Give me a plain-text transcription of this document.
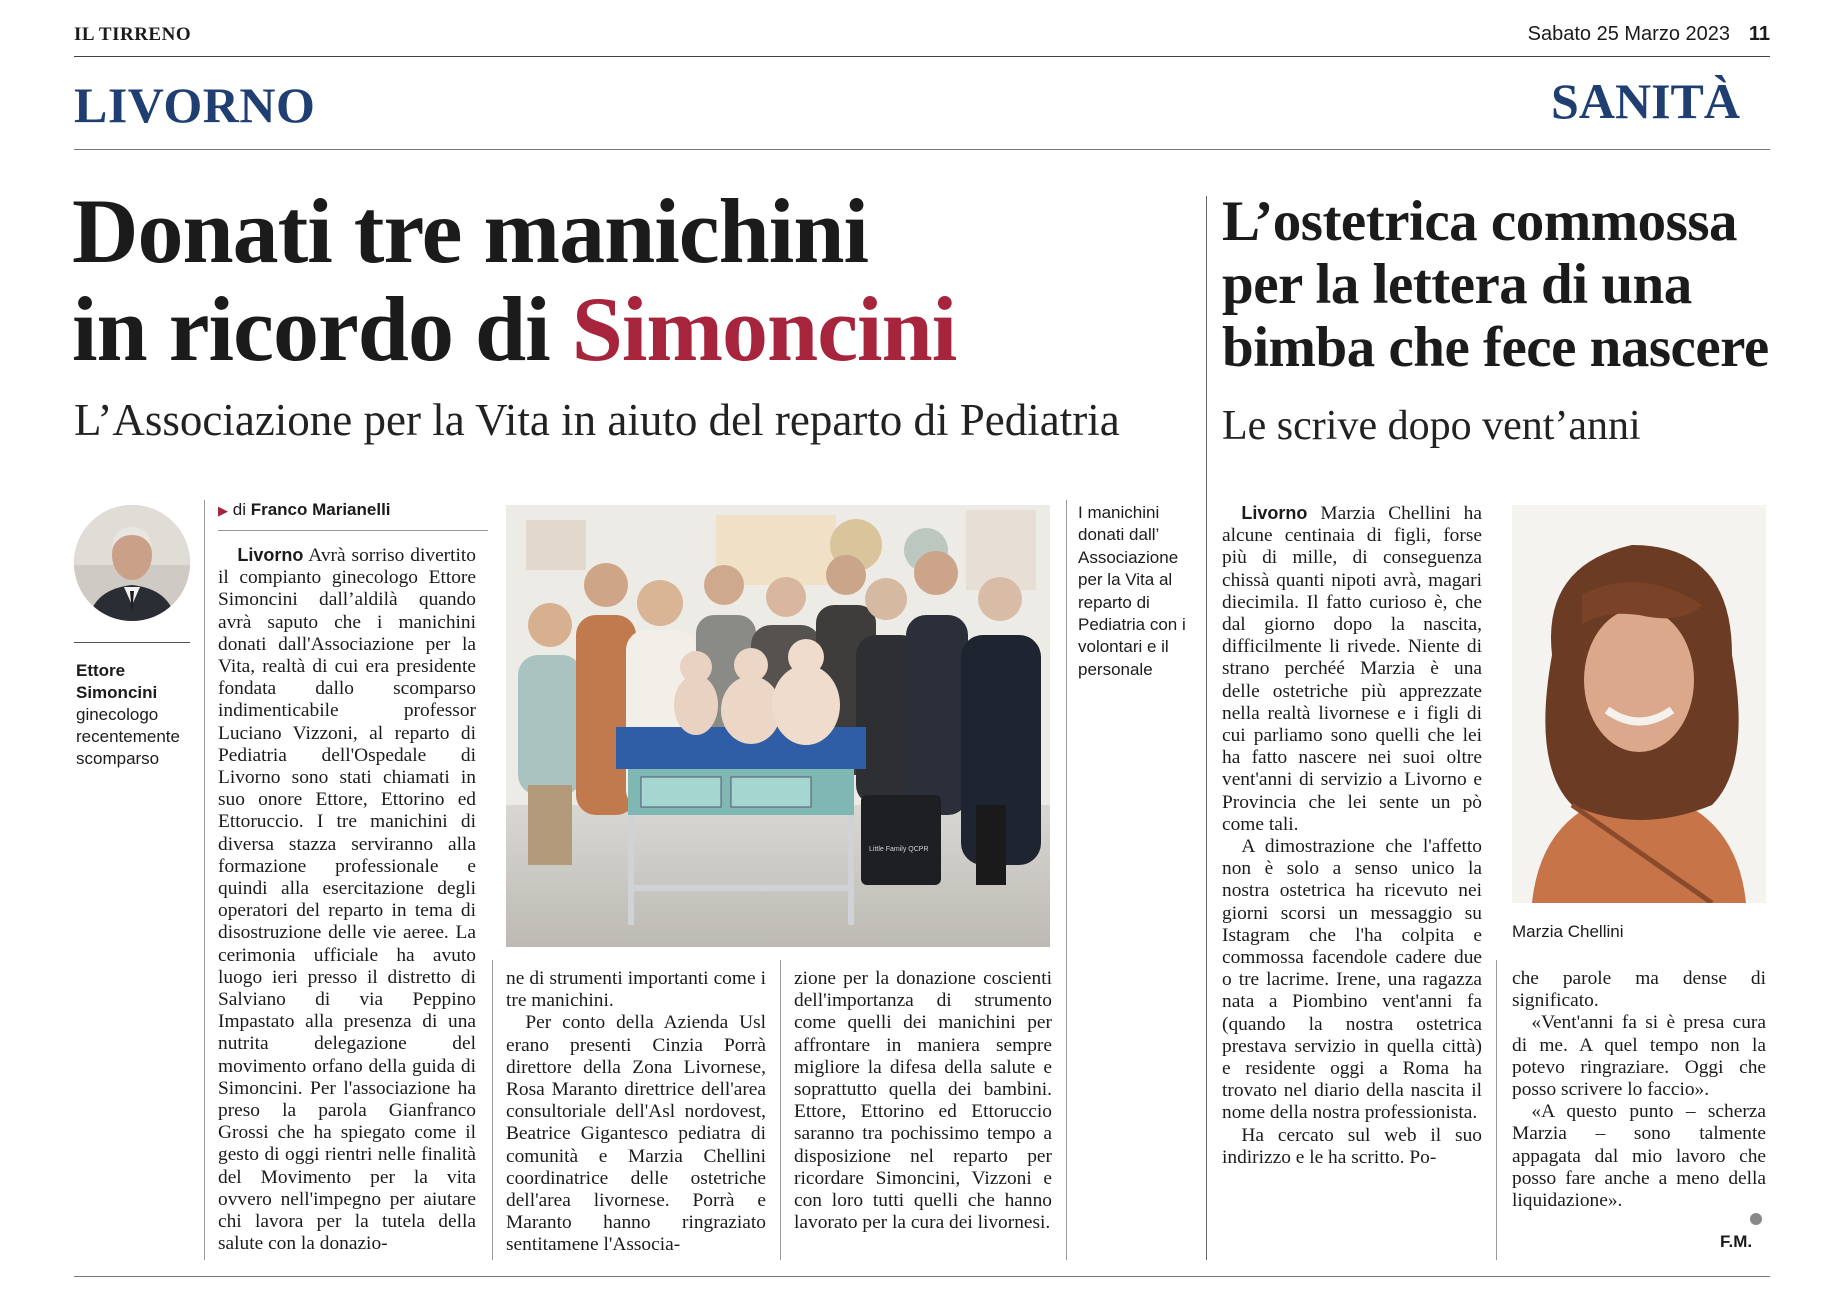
IL TIRRENO	Sabato 25 Marzo 2023 11
LIVORNO	SANITÀ
Donati tre manichini
in ricordo di Simoncini
L’Associazione per la Vita in aiuto del reparto di Pediatria
L’ostetrica commossa per la lettera di una bimba che fece nascere
Le scrive dopo vent’anni
Ettore Simoncini
ginecologo recentemente scomparso
▶ di Franco Marianelli

Livorno Avrà sorriso divertito il compianto ginecologo Ettore Simoncini dall’aldilà quando avrà saputo che i manichini donati dall'Associazione per la Vita, realtà di cui era presidente fondata dallo scomparso indimenticabile professor Luciano Vizzoni, al reparto di Pediatria dell'Ospedale di Livorno sono stati chiamati in suo onore Ettore, Ettorino ed Ettoruccio. I tre manichini di diversa stazza serviranno alla formazione professionale e quindi alla esercitazione degli operatori del reparto in tema di disostruzione delle vie aeree. La cerimonia ufficiale ha avuto luogo ieri presso il distretto di Salviano di via Peppino Impastato alla presenza di una nutrita delegazione del movimento orfano della guida di Simoncini. Per l'associazione ha preso la parola Gianfranco Grossi che ha spiegato come il gesto di oggi rientri nelle finalità del Movimento per la vita ovvero nell'impegno per aiutare chi lavora per la tutela della salute con la donazio-

Little Family QCPR
I manichini donati dall’ Associazione per la Vita al reparto di Pediatria con i volontari e il personale

ne di strumenti importanti come i tre manichini.

Per conto della Azienda Usl erano presenti Cinzia Porrà direttore della Zona Livornese, Rosa Maranto direttrice dell'area consultoriale dell'Asl nordovest, Beatrice Gigantesco pediatra di comunità e Marzia Chellini coordinatrice delle ostetriche dell'area livornese. Porrà e Maranto hanno ringraziato sentitamene l'Associa-

zione per la donazione coscienti dell'importanza di strumento come quelli dei manichini per affrontare in maniera sempre migliore la difesa della salute e soprattutto quella dei bambini. Ettore, Ettorino ed Ettoruccio saranno tra pochissimo tempo a disposizione nel reparto per ricordare Simoncini, Vizzoni e con loro tutti quelli che hanno lavorato per la cura dei livornesi.

Livorno Marzia Chellini ha alcune centinaia di figli, forse più di mille, di conseguenza chissà quanti nipoti avrà, magari diecimila. Il fatto curioso è, che dal giorno dopo la nascita, difficilmente li rivede. Niente di strano perchéé Marzia è una delle ostetriche più apprezzate nella realtà livornese e i figli di cui parliamo sono quelli che lei ha fatto nascere nei suoi oltre vent'anni di servizio a Livorno e Provincia che lei sente un pò come tali.

A dimostrazione che l'affetto non è solo a senso unico la nostra ostetrica ha ricevuto nei giorni scorsi un messaggio su Istagram che l'ha colpita e commossa facendole cadere due o tre lacrime. Irene, una ragazza nata a Piombino vent'anni fa (quando la nostra ostetrica prestava servizio in quella città) e residente oggi a Roma ha trovato nel diario della nascita il nome della nostra professionista.

Ha cercato sul web il suo indirizzo e le ha scritto. Po-

Marzia Chellini

che parole ma dense di significato.

«Vent'anni fa si è presa cura di me. A quel tempo non la potevo ringraziare. Oggi che posso scrivere lo faccio».

«A questo punto – scherza Marzia – sono talmente appagata dal mio lavoro che posso fare anche a meno della liquidazione».

F.M.
